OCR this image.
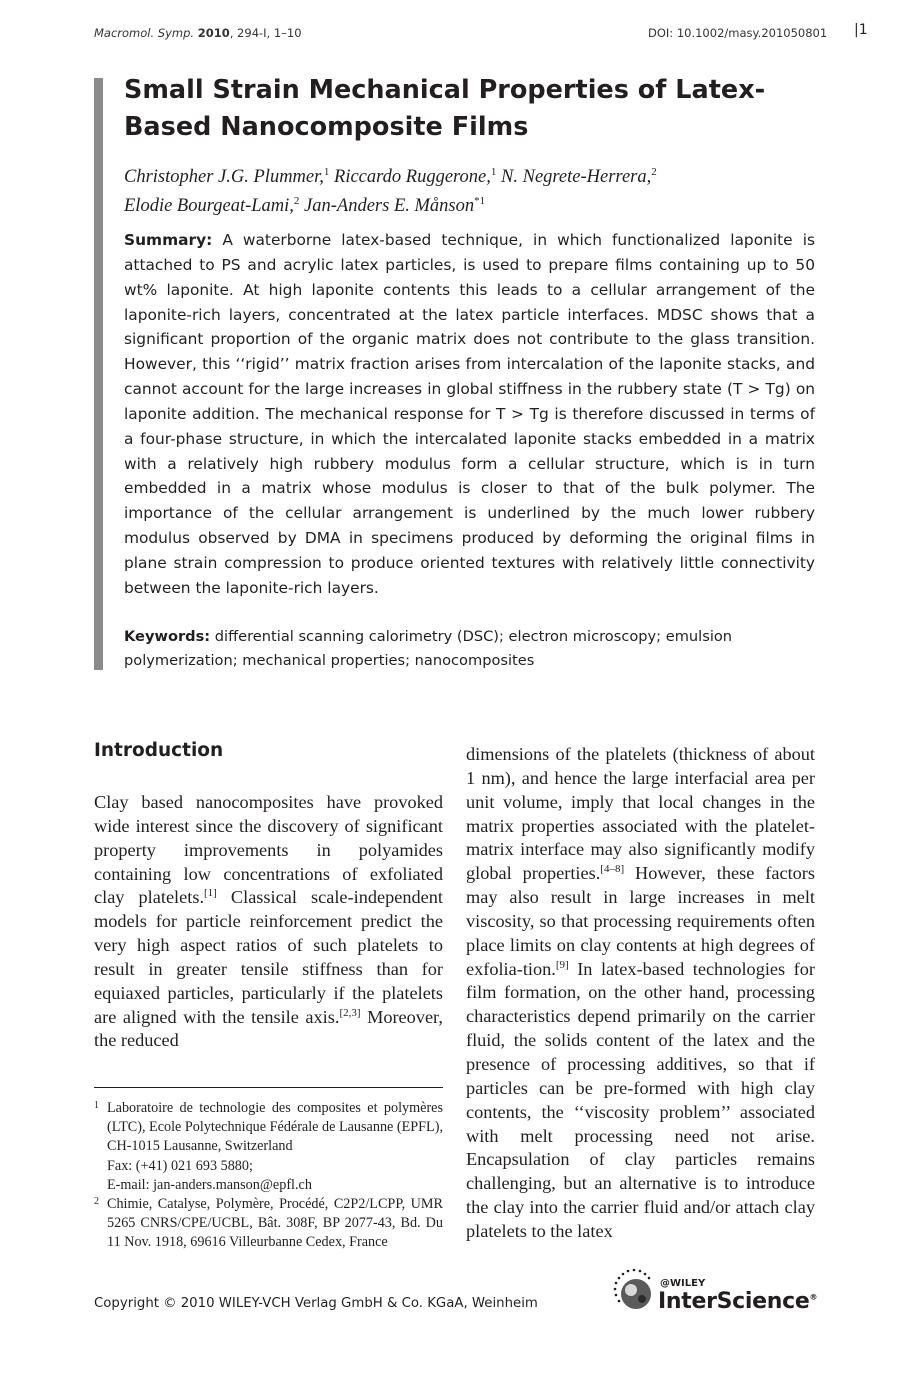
Macromol. Symp. 2010, 294-I, 1–10	DOI: 10.1002/masy.201050801 |1
Small Strain Mechanical Properties of Latex-Based Nanocomposite Films
Christopher J.G. Plummer,$^1$ Riccardo Ruggerone,$^1$ N. Negrete-Herrera,$^2$
Elodie Bourgeat-Lami,$^2$ Jan-Anders E. Månson$^{*1}$
Summary: A waterborne latex-based technique, in which functionalized laponite is attached to PS and acrylic latex particles, is used to prepare films containing up to 50 wt% laponite. At high laponite contents this leads to a cellular arrangement of the laponite-rich layers, concentrated at the latex particle interfaces. MDSC shows that a significant proportion of the organic matrix does not contribute to the glass transition. However, this ‘‘rigid’’ matrix fraction arises from intercalation of the laponite stacks, and cannot account for the large increases in global stiffness in the rubbery state (T > Tg) on laponite addition. The mechanical response for T > Tg is therefore discussed in terms of a four-phase structure, in which the intercalated laponite stacks embedded in a matrix with a relatively high rubbery modulus form a cellular structure, which is in turn embedded in a matrix whose modulus is closer to that of the bulk polymer. The importance of the cellular arrangement is underlined by the much lower rubbery modulus observed by DMA in specimens produced by deforming the original films in plane strain compression to produce oriented textures with relatively little connectivity between the laponite-rich layers.
Keywords: differential scanning calorimetry (DSC); electron microscopy; emulsion polymerization; mechanical properties; nanocomposites
Introduction
Clay based nanocomposites have provoked wide interest since the discovery of significant property improvements in polyamides containing low concentrations of exfoliated clay platelets.[1] Classical scale-independent models for particle reinforcement predict the very high aspect ratios of such platelets to result in greater tensile stiffness than for equiaxed particles, particularly if the platelets are aligned with the tensile axis.[2,3] Moreover, the reduced
dimensions of the platelets (thickness of about 1 nm), and hence the large interfacial area per unit volume, imply that local changes in the matrix properties associated with the platelet-matrix interface may also significantly modify global properties.[4–8] However, these factors may also result in large increases in melt viscosity, so that processing requirements often place limits on clay contents at high degrees of exfolia-tion.[9] In latex-based technologies for film formation, on the other hand, processing characteristics depend primarily on the carrier fluid, the solids content of the latex and the presence of processing additives, so that if particles can be pre-formed with high clay contents, the ‘‘viscosity problem’’ associated with melt processing need not arise. Encapsulation of clay particles remains challenging, but an alternative is to introduce the clay into the carrier fluid and/or attach clay platelets to the latex
1 Laboratoire de technologie des composites et polymères (LTC), Ecole Polytechnique Fédérale de Lausanne (EPFL), CH-1015 Lausanne, Switzerland
Fax: (+41) 021 693 5880;
E-mail: jan-anders.manson@epfl.ch
2 Chimie, Catalyse, Polymère, Procédé, C2P2/LCPP, UMR 5265 CNRS/CPE/UCBL, Bât. 308F, BP 2077-43, Bd. Du 11 Nov. 1918, 69616 Villeurbanne Cedex, France
Copyright © 2010 WILEY-VCH Verlag GmbH & Co. KGaA, Weinheim
@WILEY
InterScience®
